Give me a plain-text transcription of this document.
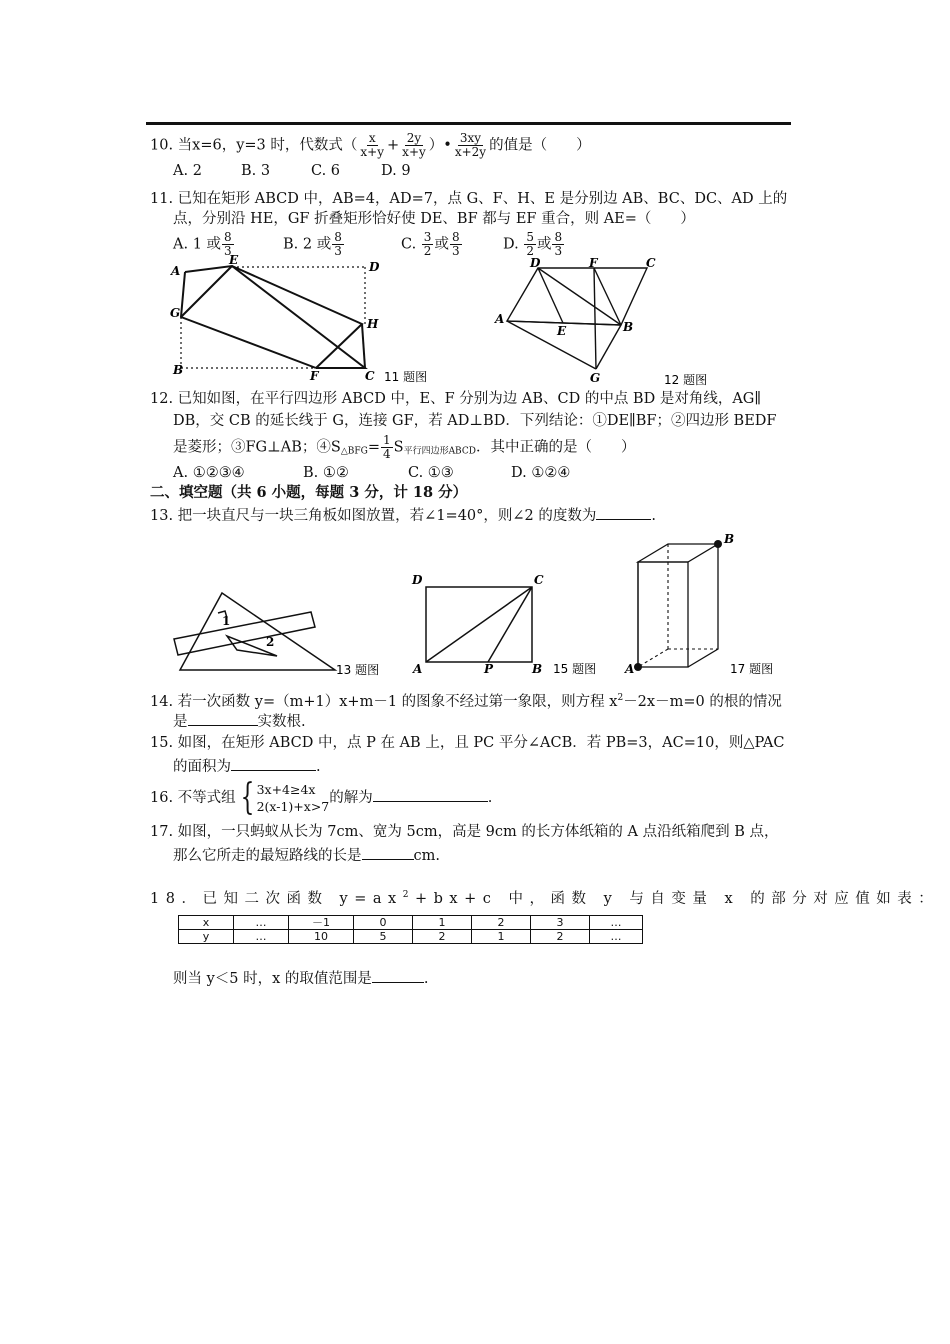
10. 当x=6，y=3 时，代数式（ $\frac{x}{x+y} + \frac{2y}{x+y}$ ）• $\frac{3xy}{x+2y}$ 的值是（　　）
A. 2	B. 3	C. 6	D. 9
11. 已知在矩形 ABCD 中，AB=4，AD=7，点 G、F、H、E 是分别边 AB、BC、DC、AD 上的
点，分别沿 HE，GF 折叠矩形恰好使 DE、BF 都与 EF 重合，则 AE=（　　）
A. 1 或 $\frac{8}{3}$	B. 2 或 $\frac{8}{3}$	C. $\frac{3}{2}$ 或 $\frac{8}{3}$	D. $\frac{5}{2}$ 或 $\frac{8}{3}$
A
E	D
G
H
B	F	C 11 题图
D	F	C
A
E	B
G	12 题图
12. 已知如图，在平行四边形 ABCD 中，E、F 分别为边 AB、CD 的中点 BD 是对角线，AG∥
DB，交 CB 的延长线于 G，连接 GF，若 AD⊥BD．下列结论：①DE∥BF；②四边形 BEDF
是菱形；③FG⊥AB；$④S_{\triangle BFG}= \frac{1}{4} S_{平行四边形ABCD}$．其中正确的是（　　）
A. ①②③④	B. ①②	C. ①③	D. ①②④
二、填空题（共 6 小题，每题 3 分，计 18 分）
13. 把一块直尺与一块三角板如图放置，若∠1=40°，则∠2 的度数为	.
1
2
13 题图
D	C
A	P	B 15 题图
B
A	17 题图
14. 若一次函数 y=（m+1）x+m－1 的图象不经过第一象限，则方程 $x^2-2x-m=0$ 的根的情况
是	实数根.
15. 如图，在矩形 ABCD 中，点 P 在 AB 上，且 PC 平分∠ACB．若 PB=3，AC=10，则△PAC
的面积为	.
16. 不等式组 { 3x+4≥4x
2(x-1)+x>7
的解为	.
17. 如图，一只蚂蚁从长为 7cm、宽为 5cm，高是 9cm 的长方体纸箱的 A 点沿纸箱爬到 B 点，
那么它所走的最短路线的长是	cm.
18．已知二次函数 $y=ax^2+bx+c$ 中，函数 y 与自变量 x 的部分对应值如表：
x	…	－1	0	1	2	3	…
y	…	10	5	2	1	2	…
则当 y＜5 时，x 的取值范围是	.
